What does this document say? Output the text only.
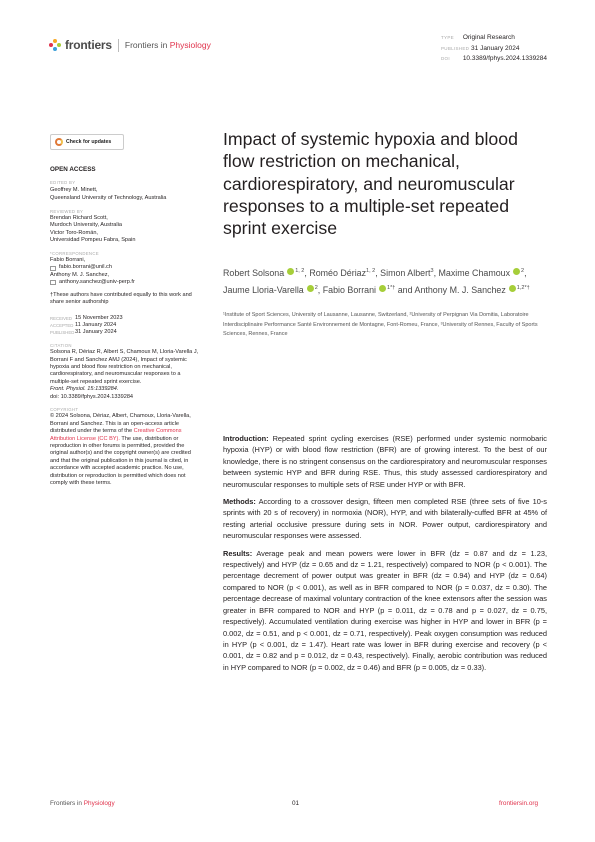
frontiers Frontiers in Physiology
TYPE Original Research
PUBLISHED 31 January 2024
DOI 10.3389/fphys.2024.1339284
Check for updates
OPEN ACCESS
EDITED BY
Geoffrey M. Minett,
Queensland University of Technology, Australia
REVIEWED BY
Brendan Richard Scott,
Murdoch University, Australia
Victor Toro-Román,
Universidad Pompeu Fabra, Spain
*CORRESPONDENCE
Fabio Borrani,
fabio.borrani@unil.ch
Anthony M. J. Sanchez,
anthony.sanchez@univ-perp.fr
†These authors have contributed equally to this work and share senior authorship
RECEIVED 15 November 2023
ACCEPTED 11 January 2024
PUBLISHED 31 January 2024
CITATION
Solsona R, Dériaz R, Albert S, Chamoux M, Lloria-Varella J, Borrani F and Sanchez AMJ (2024), Impact of systemic hypoxia and blood flow restriction on mechanical, cardiorespiratory, and neuromuscular responses to a multiple-set repeated sprint exercise.
Front. Physiol. 15:1339284.
doi: 10.3389/fphys.2024.1339284
COPYRIGHT
© 2024 Solsona, Dériaz, Albert, Chamoux, Lloria-Varella, Borrani and Sanchez. This is an open-access article distributed under the terms of the Creative Commons Attribution License (CC BY). The use, distribution or reproduction in other forums is permitted, provided the original author(s) and the copyright owner(s) are credited and that the original publication in this journal is cited, in accordance with accepted academic practice. No use, distribution or reproduction is permitted which does not comply with these terms.
Impact of systemic hypoxia and blood flow restriction on mechanical, cardiorespiratory, and neuromuscular responses to a multiple-set repeated sprint exercise
Robert Solsona $^{1, 2}$, Roméo Dériaz$^{1, 2}$, Simon Albert$^3$, Maxime Chamoux $^2$, Jaume Lloria-Varella $^2$, Fabio Borrani $^{1*\dagger}$ and Anthony M. J. Sanchez $^{1,2*\dagger}$
¹Institute of Sport Sciences, University of Lausanne, Lausanne, Switzerland, ²University of Perpignan Via Domitia, Laboratoire Interdisciplinaire Performance Santé Environnement de Montagne, Font-Romeu, France, ³University of Rennes, Faculty of Sports Sciences, Rennes, France

Introduction: Repeated sprint cycling exercises (RSE) performed under systemic normobaric hypoxia (HYP) or with blood flow restriction (BFR) are of growing interest. To the best of our knowledge, there is no stringent consensus on the cardiorespiratory and neuromuscular responses between systemic HYP and BFR during RSE. Thus, this study assessed cardiorespiratory and neuromuscular responses to multiple sets of RSE under HYP or with BFR.

Methods: According to a crossover design, fifteen men completed RSE (three sets of five 10-s sprints with 20 s of recovery) in normoxia (NOR), HYP, and with bilaterally-cuffed BFR at 45% of resting arterial occlusive pressure during sets in NOR. Power output, cardiorespiratory and neuromuscular responses were assessed.

Results: Average peak and mean powers were lower in BFR (dz = 0.87 and dz = 1.23, respectively) and HYP (dz = 0.65 and dz = 1.21, respectively) compared to NOR (p < 0.001). The percentage decrement of power output was greater in BFR (dz = 0.94) and HYP (dz = 0.64) compared to NOR (p < 0.001), as well as in BFR compared to NOR (p = 0.037, dz = 0.30). The percentage decrease of maximal voluntary contraction of the knee extensors after the session was greater in BFR compared to NOR and HYP (p = 0.011, dz = 0.78 and p = 0.027, dz = 0.75, respectively). Accumulated ventilation during exercise was higher in HYP and lower in BFR (p = 0.002, dz = 0.51, and p < 0.001, dz = 0.71, respectively). Peak oxygen consumption was reduced in HYP (p < 0.001, dz = 1.47). Heart rate was lower in BFR during exercise and recovery (p < 0.001, dz = 0.82 and p = 0.012, dz = 0.43, respectively). Finally, aerobic contribution was reduced in HYP compared to NOR (p = 0.002, dz = 0.46) and BFR (p = 0.005, dz = 0.33).

Frontiers in Physiology	01	frontiersin.org
